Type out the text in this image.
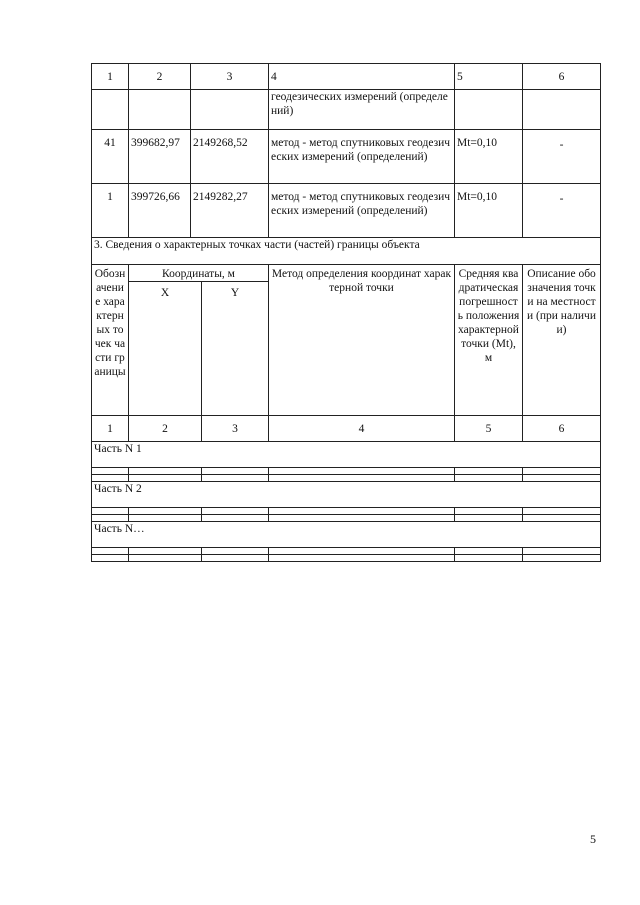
1	2	3		4	5	6
				геодезических измерений (определений)		
41	399682,97	2149268,52		метод - метод спутниковых геодезических измерений (определений)	Mt=0,10	-
1	399726,66	2149282,27		метод - метод спутниковых геодезических измерений (определений)	Mt=0,10	-
3. Сведения о характерных точках части (частей) границы объекта						
Обозначение характерных точек части границы	Координаты, м			Метод определения координат характерной точки	Средняя квадратическая погрешность положения характерной точки (Mt), м	Описание обозначения точки на местности (при наличии)
	X		Y			
1	2		3	4	5	6
Часть N 1						

Часть N 2						

Часть N…						

5
